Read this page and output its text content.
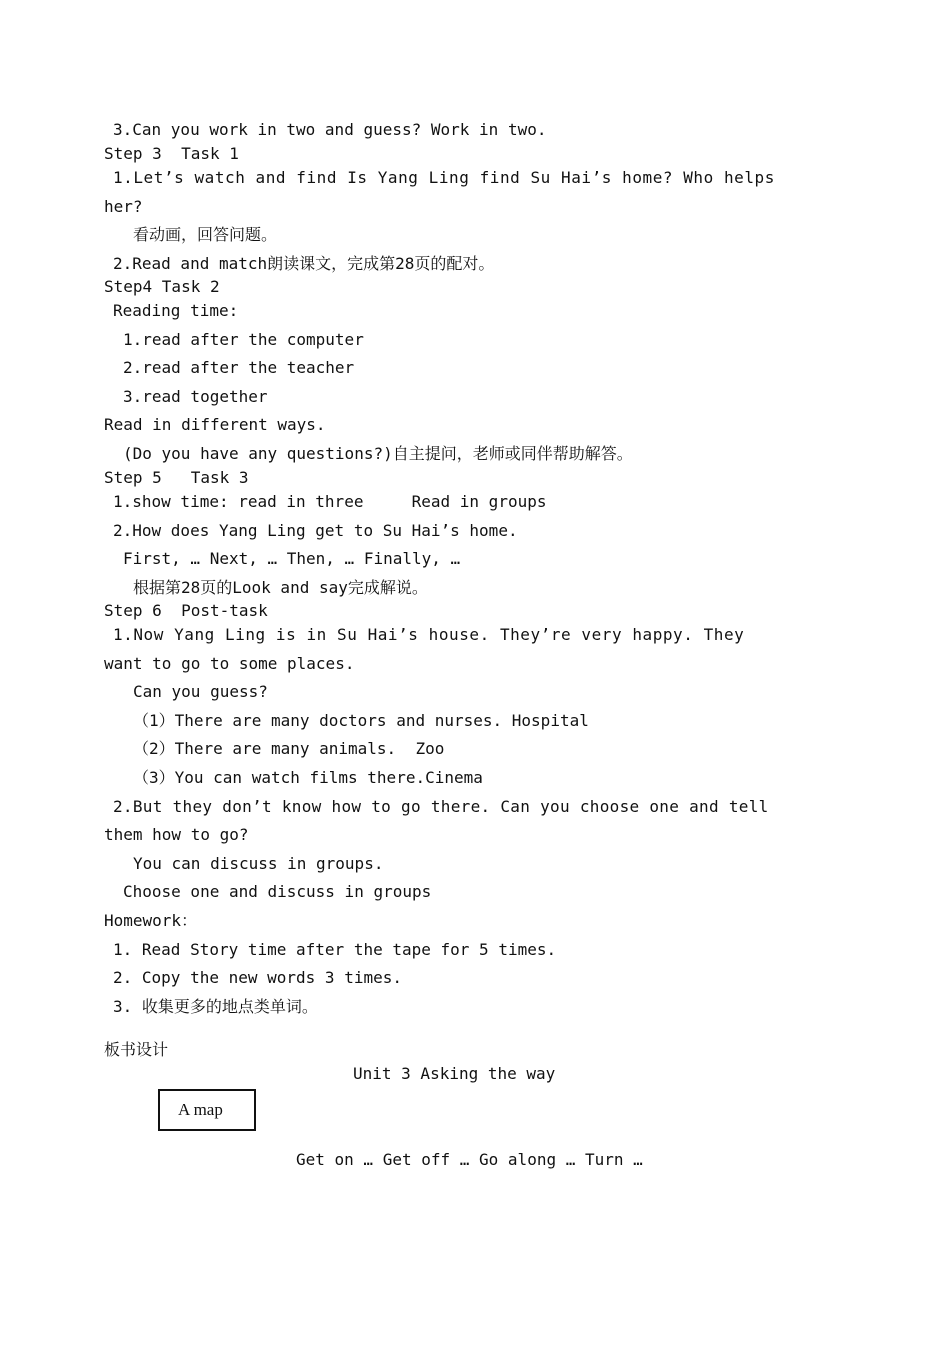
3.Can you work in two and guess? Work in two.
Step 3  Task 1
1.Let’s watch and find Is Yang Ling find Su Hai’s home? Who helps
her?
看动画，回答问题。
2.Read and match朗读课文，完成第28页的配对。
Step4 Task 2
Reading time:
1.read after the computer
2.read after the teacher
3.read together
Read in different ways.
(Do you have any questions?)自主提问，老师或同伴帮助解答。
Step 5   Task 3
1.show time: read in three     Read in groups
2.How does Yang Ling get to Su Hai’s home.
First, … Next, … Then, … Finally, …
根据第28页的Look and say完成解说。
Step 6  Post-task
1.Now Yang Ling is in Su Hai’s house. They’re very happy. They
want to go to some places.
Can you guess?
（1）There are many doctors and nurses. Hospital
（2）There are many animals.  Zoo
（3）You can watch films there.Cinema
2.But they don’t know how to go there. Can you choose one and tell
them how to go?
You can discuss in groups.
Choose one and discuss in groups
Homework：
1. Read Story time after the tape for 5 times.
2. Copy the new words 3 times.
3. 收集更多的地点类单词。
板书设计
Unit 3 Asking the way
A map
Get on … Get off … Go along … Turn …
